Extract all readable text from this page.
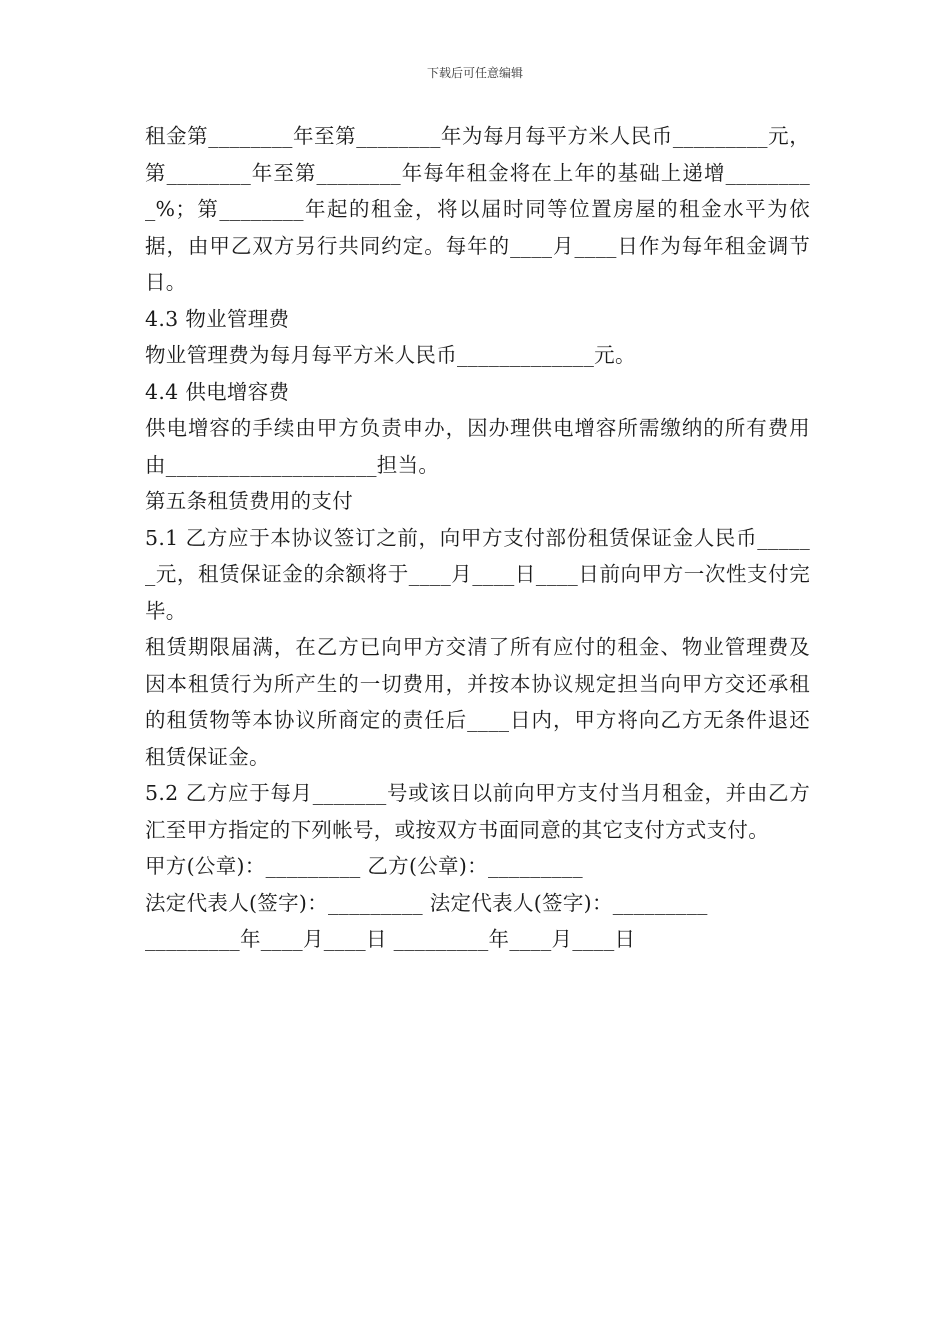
下载后可任意编辑

租金第________年至第________年为每月每平方米人民币_________元，第________年至第________年每年租金将在上年的基础上递增_________%；第________年起的租金，将以届时同等位置房屋的租金水平为依据，由甲乙双方另行共同约定。每年的____月____日作为每年租金调节日。

4.3 物业管理费

物业管理费为每月每平方米人民币_____________元。

4.4 供电增容费

供电增容的手续由甲方负责申办，因办理供电增容所需缴纳的所有费用由____________________担当。

第五条租赁费用的支付

5.1 乙方应于本协议签订之前，向甲方支付部份租赁保证金人民币______元，租赁保证金的余额将于____月____日____日前向甲方一次性支付完毕。

租赁期限届满，在乙方已向甲方交清了所有应付的租金、物业管理费及因本租赁行为所产生的一切费用，并按本协议规定担当向甲方交还承租的租赁物等本协议所商定的责任后____日内，甲方将向乙方无条件退还租赁保证金。

5.2 乙方应于每月_______号或该日以前向甲方支付当月租金，并由乙方汇至甲方指定的下列帐号，或按双方书面同意的其它支付方式支付。

甲方(公章)：_________ 乙方(公章)：_________

法定代表人(签字)：_________ 法定代表人(签字)：_________

_________年____月____日 _________年____月____日
